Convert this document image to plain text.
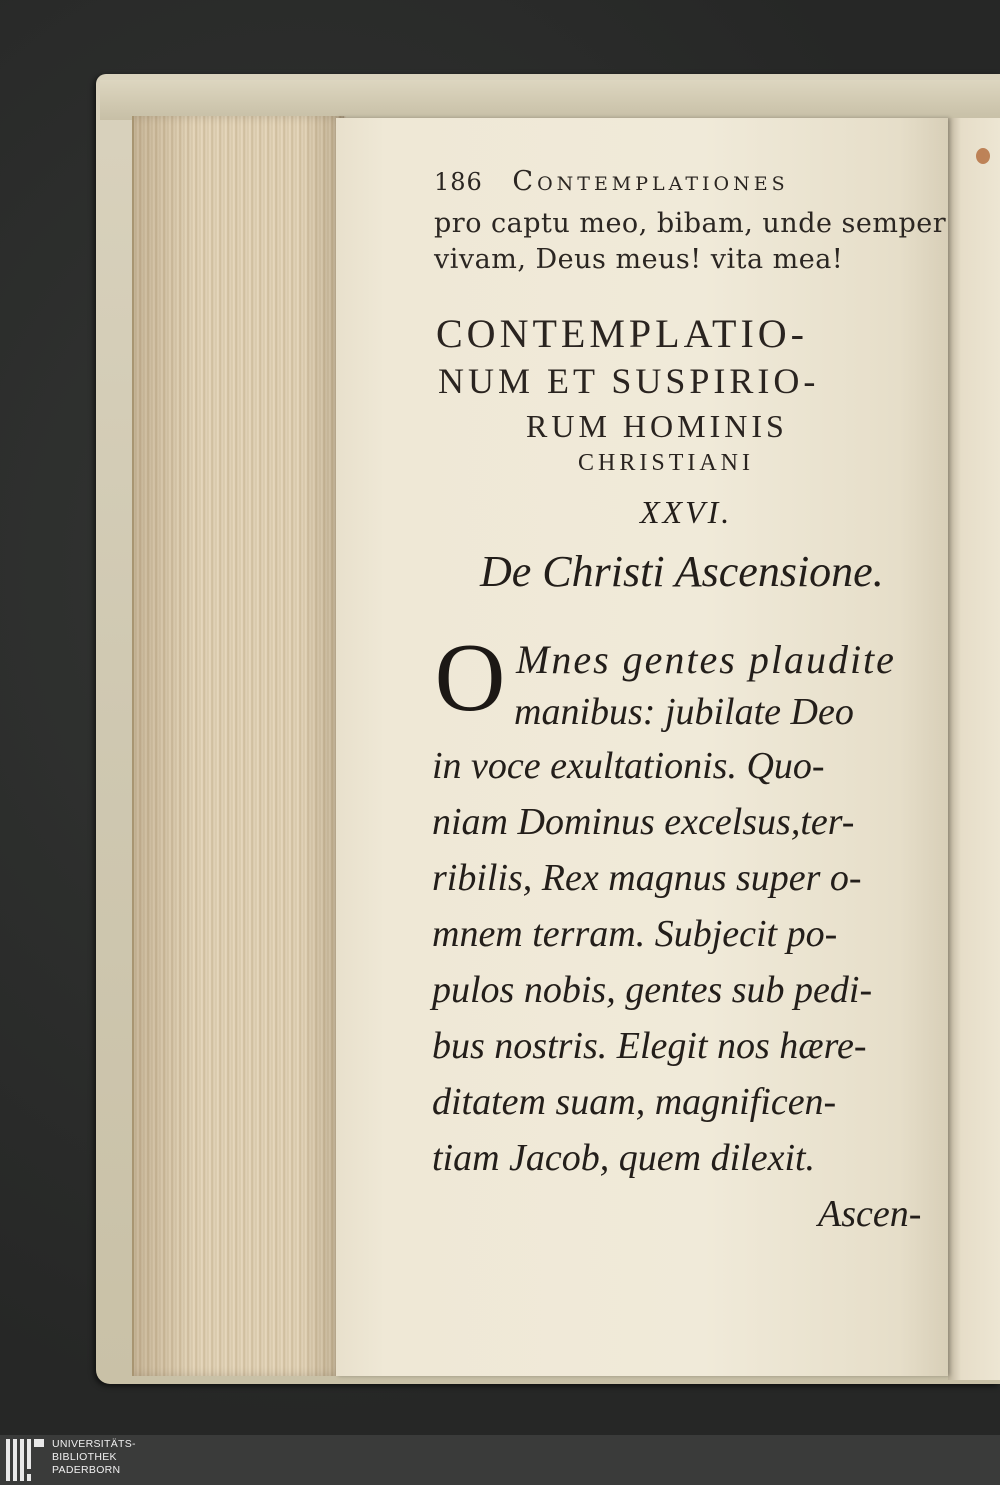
186 Contemplationes
pro captu meo, bibam, unde semper
vivam, Deus meus! vita mea!
CONTEMPLATIO-
NUM ET SUSPIRIO-
RUM HOMINIS
CHRISTIANI
XXVI.
De Christi Ascensione.
O Mnes gentes plaudite
manibus: jubilate Deo
in voce exultationis. Quo-
niam Dominus excelsus,ter-
ribilis, Rex magnus super o-
mnem terram. Subjecit po-
pulos nobis, gentes sub pedi-
bus nostris. Elegit nos hære-
ditatem suam, magnificen-
tiam Jacob, quem dilexit.
Ascen-
UNIVERSITÄTS-
BIBLIOTHEK
PADERBORN
